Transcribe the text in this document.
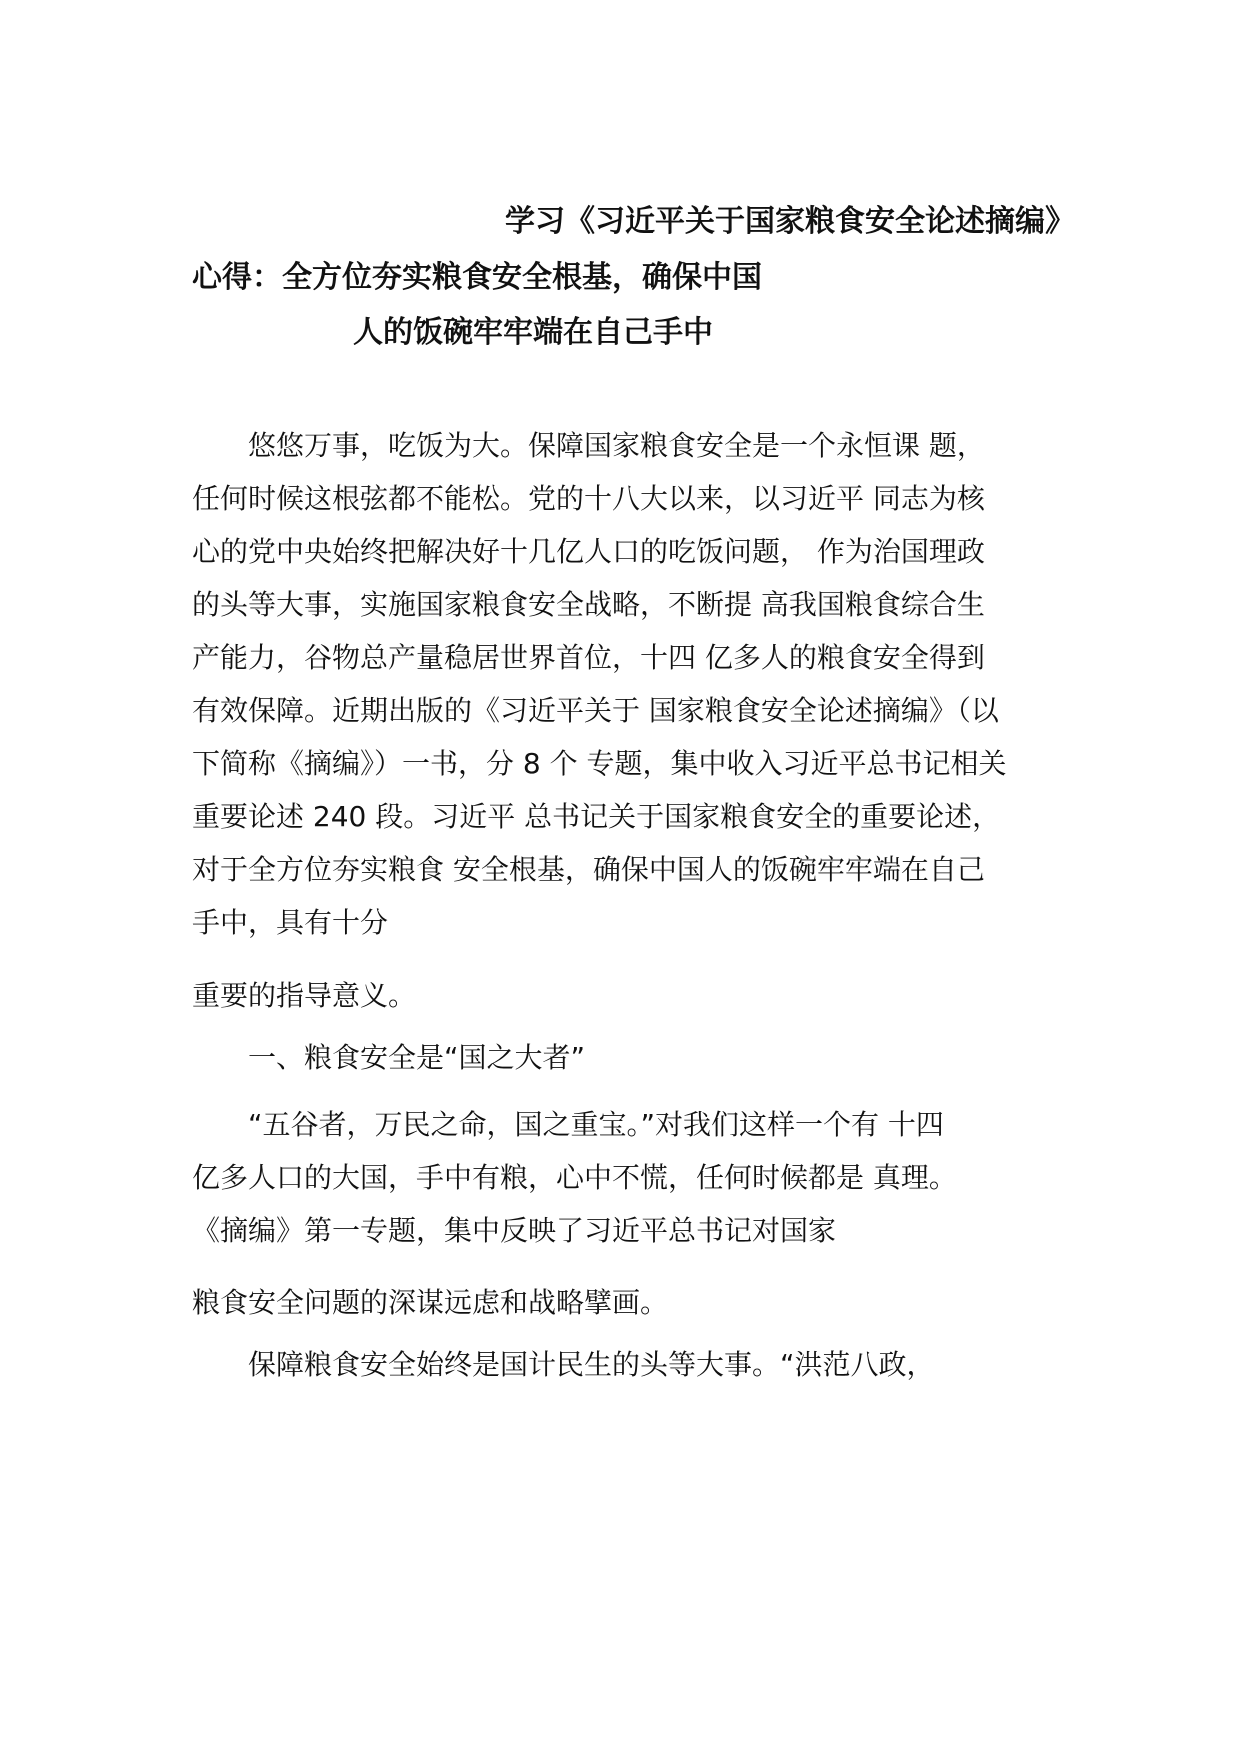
学习《习近平关于国家粮食安全论述摘编》
心得：全方位夯实粮食安全根基，确保中国
人的饭碗牢牢端在自己手中
　　悠悠万事，吃饭为大。保障国家粮食安全是一个永恒课 题，
任何时候这根弦都不能松。党的十八大以来，以习近平 同志为核
心的党中央始终把解决好十几亿人口的吃饭问题， 作为治国理政
的头等大事，实施国家粮食安全战略，不断提 高我国粮食综合生
产能力，谷物总产量稳居世界首位，十四 亿多人的粮食安全得到
有效保障。近期出版的《习近平关于 国家粮食安全论述摘编》（以
下简称《摘编》）一书，分 8 个 专题，集中收入习近平总书记相关
重要论述 240 段。习近平 总书记关于国家粮食安全的重要论述，
对于全方位夯实粮食 安全根基，确保中国人的饭碗牢牢端在自己
手中，具有十分
重要的指导意义。
　　一、粮食安全是“国之大者”
　　“五谷者，万民之命，国之重宝。”对我们这样一个有 十四
亿多人口的大国，手中有粮，心中不慌，任何时候都是 真理。
《摘编》第一专题，集中反映了习近平总书记对国家
粮食安全问题的深谋远虑和战略擘画。
　　保障粮食安全始终是国计民生的头等大事。“洪范八政，
